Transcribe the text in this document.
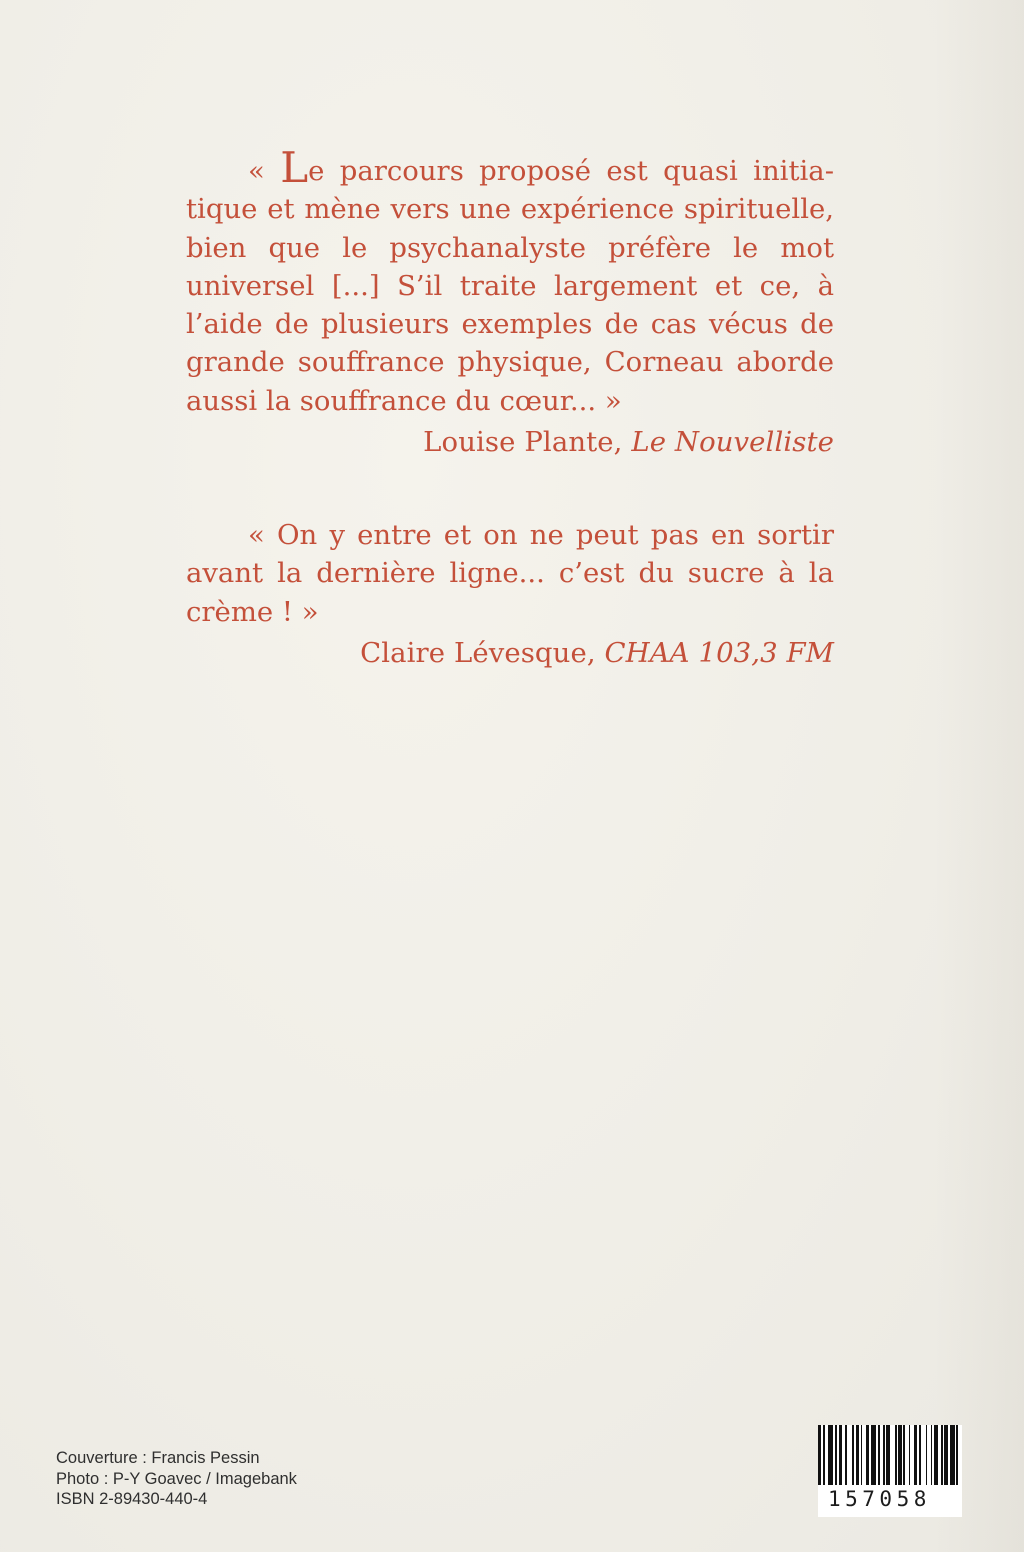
« Le parcours proposé est quasi initia- tique et mène vers une expérience spirituelle, bien que le psychanalyste préfère le mot universel [...] S’il traite largement et ce, à l’aide de plusieurs exemples de cas vécus de grande souffrance physique, Corneau aborde aussi la souffrance du cœur... »

Louise Plante, Le Nouvelliste

« On y entre et on ne peut pas en sortir avant la dernière ligne... c’est du sucre à la crème ! »

Claire Lévesque, CHAA 103,3 FM
Couverture : Francis Pessin
Photo : P-Y Goavec / Imagebank
ISBN 2-89430-440-4	157058
